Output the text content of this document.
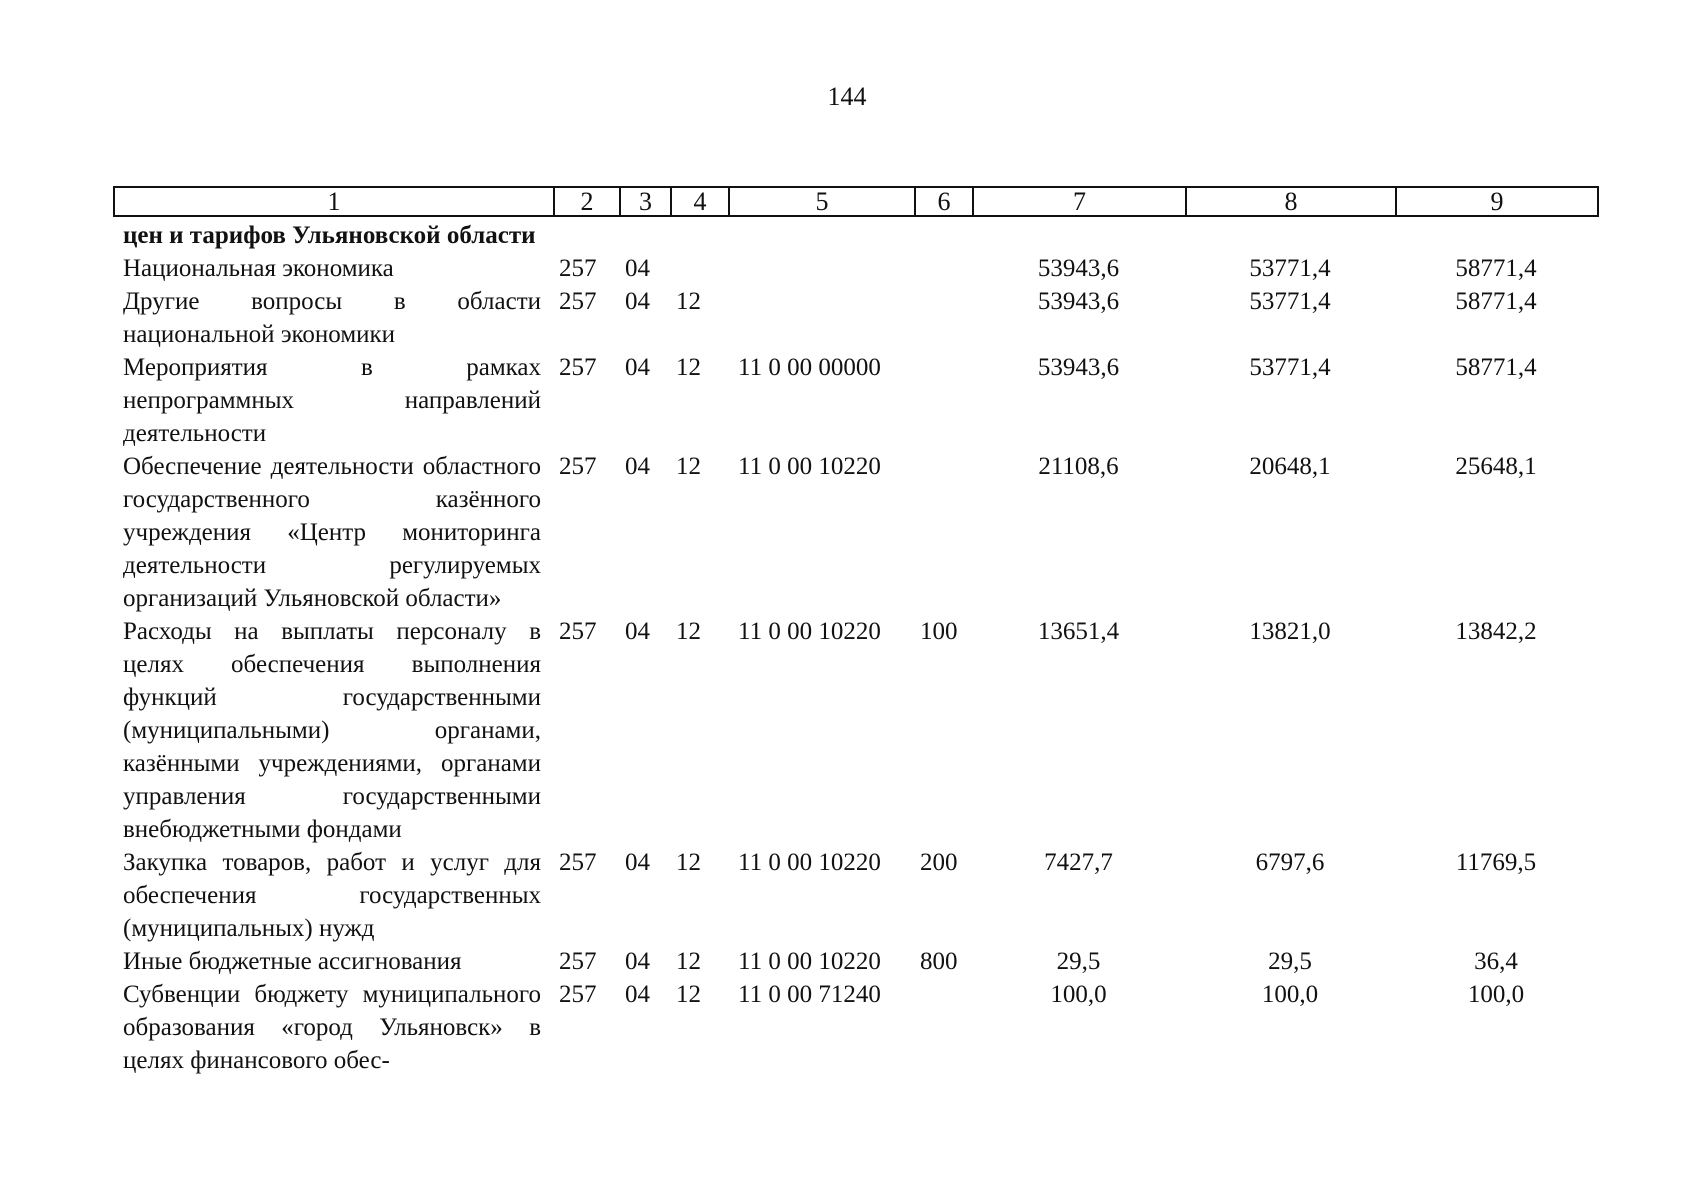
144
1	2	3	4	5	6	7	8	9
цен и тарифов Ульяновской области								
Национальная экономика	257	04				53943,6	53771,4	58771,4
Другие вопросы в области национальной экономики	257	04	12			53943,6	53771,4	58771,4
Мероприятия в рамках непрограммных направлений деятельности	257	04	12	11 0 00 00000		53943,6	53771,4	58771,4
Обеспечение деятельности областного государственного казённого учреждения «Центр мониторинга деятельности регулируемых организаций Ульяновской области»	257	04	12	11 0 00 10220		21108,6	20648,1	25648,1
Расходы на выплаты персоналу в целях обеспечения выполнения функций государственными (муниципальными) органами, казёнными учреждениями, органами управления государственными внебюджетными фондами	257	04	12	11 0 00 10220	100	13651,4	13821,0	13842,2
Закупка товаров, работ и услуг для обеспечения государственных (муниципальных) нужд	257	04	12	11 0 00 10220	200	7427,7	6797,6	11769,5
Иные бюджетные ассигнования	257	04	12	11 0 00 10220	800	29,5	29,5	36,4
Субвенции бюджету муниципального образования «город Ульяновск» в целях финансового обес-	257	04	12	11 0 00 71240		100,0	100,0	100,0
